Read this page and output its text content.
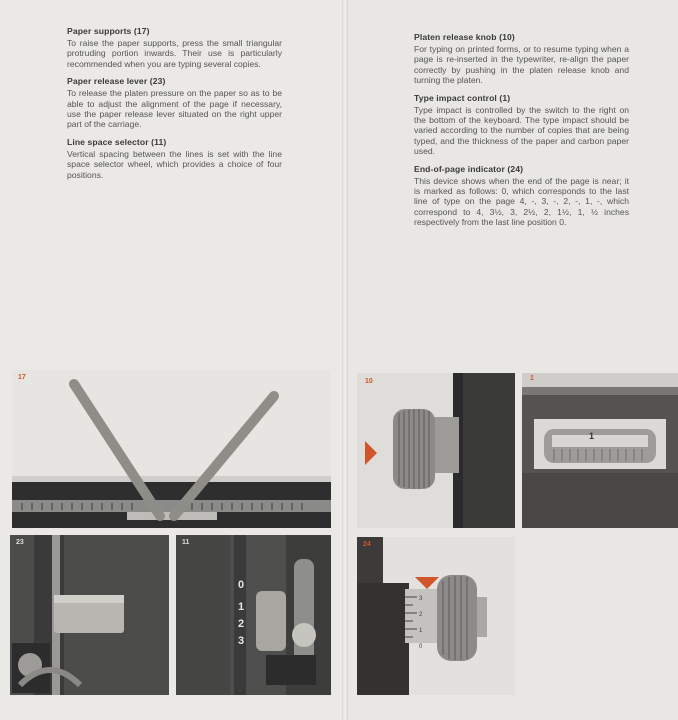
Paper supports (17)

To raise the paper supports, press the small triangular protruding portion inwards. Their use is particularly recommended when you are typing several copies.

Paper release lever (23)

To release the platen pressure on the paper so as to be able to adjust the alignment of the page if necessary, use the paper release lever situated on the right upper part of the carriage.

Line space selector (11)

Vertical spacing between the lines is set with the line space selector wheel, which provides a choice of four positions.

Platen release knob (10)

For typing on printed forms, or to resume typing when a page is re-inserted in the typewriter, re-align the paper correctly by pushing in the platen release knob and turning the platen.

Type impact control (1)

Type impact is controlled by the switch to the right on the bottom of the keyboard. The type impact should be varied according to the number of copies that are being typed, and the thickness of the paper and carbon paper used.

End-of-page indicator (24)

This device shows when the end of the page is near; it is marked as follows: 0, which corresponds to the last line of type on the page 4, -, 3, -, 2, -, 1, -, which correspond to 4, 3½, 3, 2½, 2, 1½, 1, ½ inches respectively from the last line position 0.

17
23
0
1
2
3
11
10
1
1
3
2
1
0
24
